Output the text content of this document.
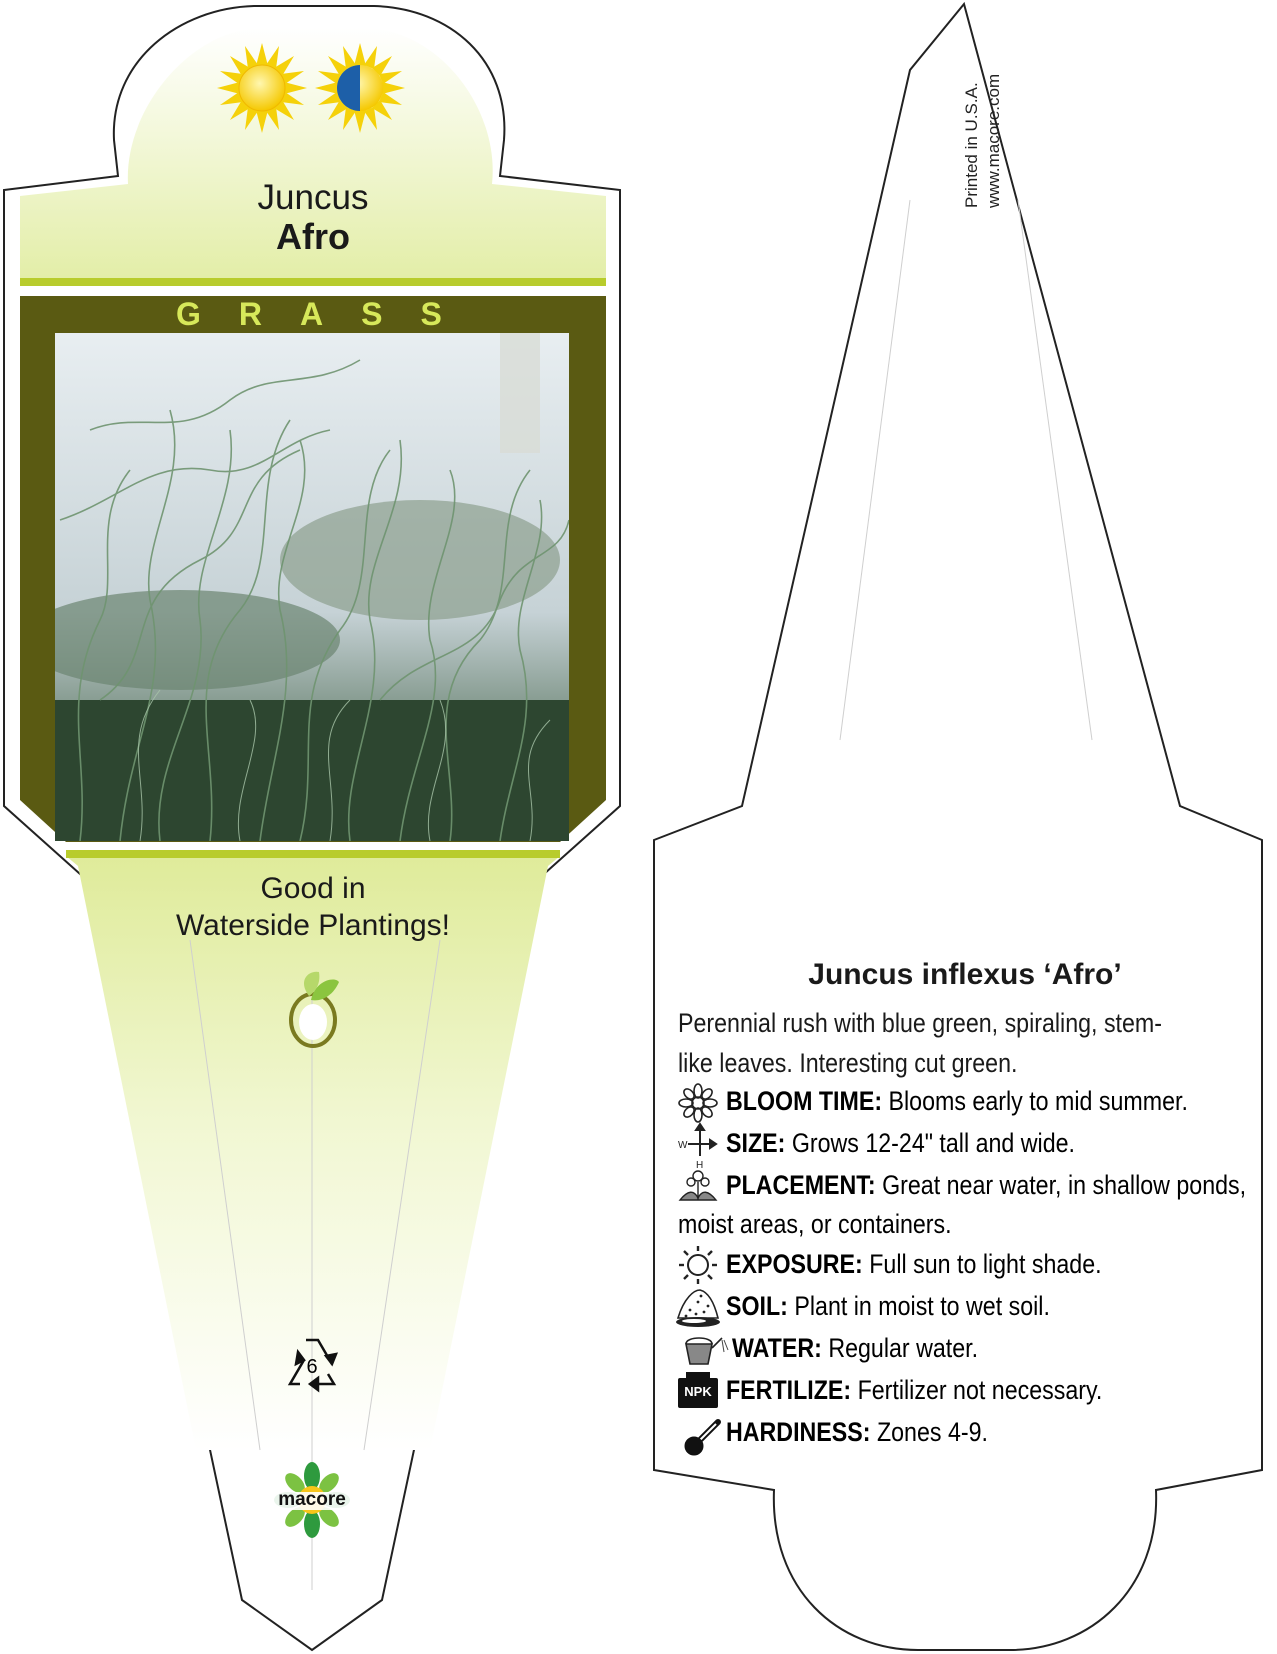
Juncus
Afro
GRASS
Good in
Waterside Plantings!
6
macore
W
H
Printed in U.S.A. www.macore.com
Juncus inflexus ‘Afro’
Perennial rush with blue green, spiraling, stem-like leaves. Interesting cut green.
BLOOM TIME: Blooms early to mid summer.
SIZE: Grows 12-24" tall and wide.
PLACEMENT: Great near water, in shallow ponds,
moist areas, or containers.
EXPOSURE: Full sun to light shade.
SOIL: Plant in moist to wet soil.
WATER: Regular water.
FERTILIZE: Fertilizer not necessary.
HARDINESS: Zones 4-9.
NPK
